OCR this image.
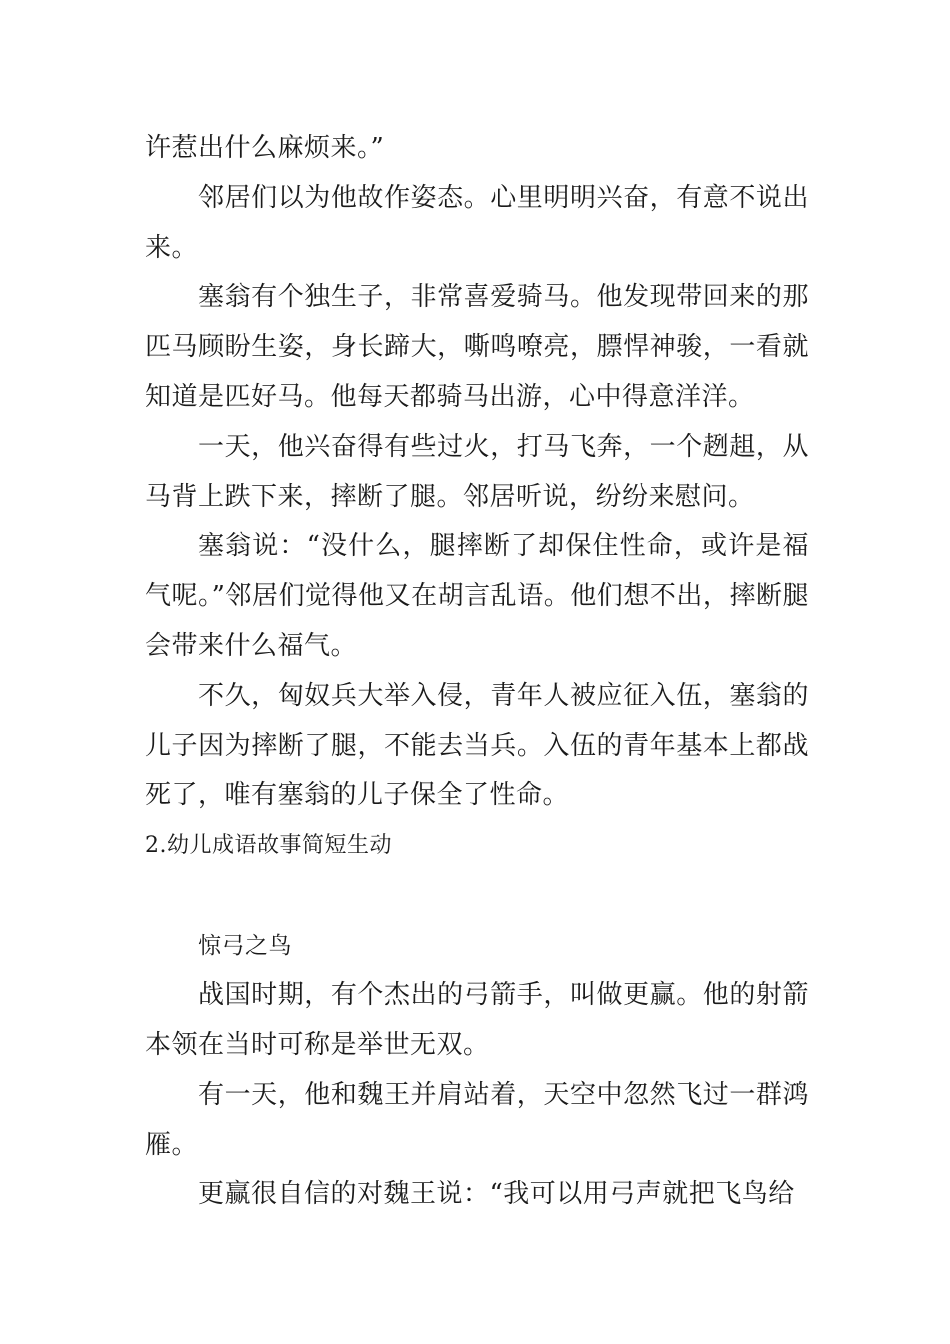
许惹出什么麻烦来。”

邻居们以为他故作姿态。心里明明兴奋，有意不说出来。

塞翁有个独生子，非常喜爱骑马。他发现带回来的那匹马顾盼生姿，身长蹄大，嘶鸣嘹亮，膘悍神骏，一看就知道是匹好马。他每天都骑马出游，心中得意洋洋。

一天，他兴奋得有些过火，打马飞奔，一个趔趄，从马背上跌下来，摔断了腿。邻居听说，纷纷来慰问。

塞翁说：“没什么，腿摔断了却保住性命，或许是福气呢。”邻居们觉得他又在胡言乱语。他们想不出，摔断腿会带来什么福气。

不久，匈奴兵大举入侵，青年人被应征入伍，塞翁的儿子因为摔断了腿，不能去当兵。入伍的青年基本上都战死了，唯有塞翁的儿子保全了性命。

2.幼儿成语故事简短生动

惊弓之鸟

战国时期，有个杰出的弓箭手，叫做更赢。他的射箭本领在当时可称是举世无双。

有一天，他和魏王并肩站着，天空中忽然飞过一群鸿雁。

更赢很自信的对魏王说：“我可以用弓声就把飞鸟给
